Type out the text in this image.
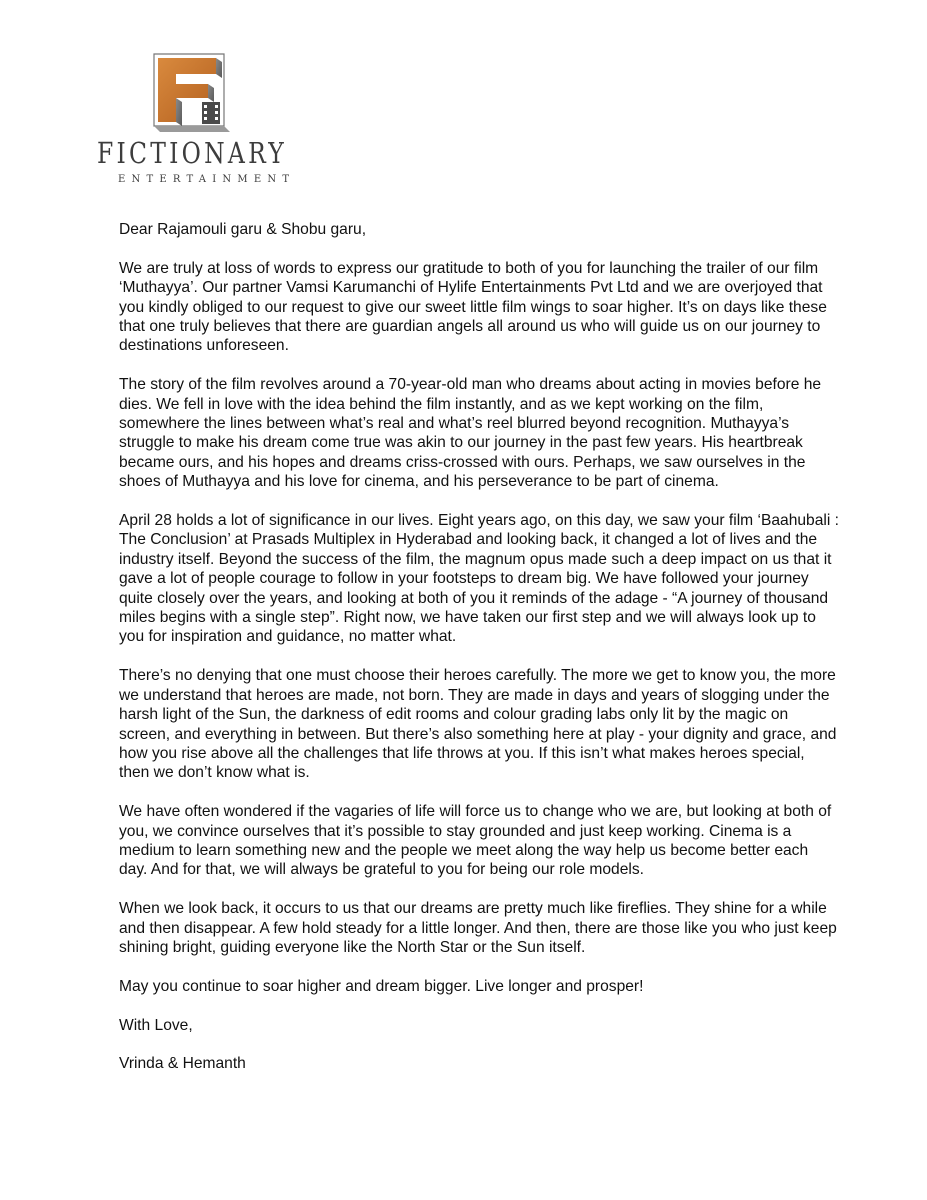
FICTIONARY
ENTERTAINMENT

Dear Rajamouli garu & Shobu garu,

We are truly at loss of words to express our gratitude to both of you for launching the trailer of our film ‘Muthayya’. Our partner Vamsi Karumanchi of Hylife Entertainments Pvt Ltd and we are overjoyed that you kindly obliged to our request to give our sweet little film wings to soar higher. It’s on days like these that one truly believes that there are guardian angels all around us who will guide us on our journey to destinations unforeseen.

The story of the film revolves around a 70-year-old man who dreams about acting in movies before he dies. We fell in love with the idea behind the film instantly, and as we kept working on the film, somewhere the lines between what’s real and what’s reel blurred beyond recognition. Muthayya’s struggle to make his dream come true was akin to our journey in the past few years. His heartbreak became ours, and his hopes and dreams criss-crossed with ours. Perhaps, we saw ourselves in the shoes of Muthayya and his love for cinema, and his perseverance to be part of cinema.

April 28 holds a lot of significance in our lives. Eight years ago, on this day, we saw your film ‘Baahubali : The Conclusion’ at Prasads Multiplex in Hyderabad and looking back, it changed a lot of lives and the industry itself. Beyond the success of the film, the magnum opus made such a deep impact on us that it gave a lot of people courage to follow in your footsteps to dream big. We have followed your journey quite closely over the years, and looking at both of you it reminds of the adage - “A journey of thousand miles begins with a single step”. Right now, we have taken our first step and we will always look up to you for inspiration and guidance, no matter what.

There’s no denying that one must choose their heroes carefully. The more we get to know you, the more we understand that heroes are made, not born. They are made in days and years of slogging under the harsh light of the Sun, the darkness of edit rooms and colour grading labs only lit by the magic on screen, and everything in between. But there’s also something here at play - your dignity and grace, and how you rise above all the challenges that life throws at you. If this isn’t what makes heroes special, then we don’t know what is.

We have often wondered if the vagaries of life will force us to change who we are, but looking at both of you, we convince ourselves that it’s possible to stay grounded and just keep working. Cinema is a medium to learn something new and the people we meet along the way help us become better each day. And for that, we will always be grateful to you for being our role models.

When we look back, it occurs to us that our dreams are pretty much like fireflies. They shine for a while and then disappear. A few hold steady for a little longer. And then, there are those like you who just keep shining bright, guiding everyone like the North Star or the Sun itself.

May you continue to soar higher and dream bigger. Live longer and prosper!

With Love,

Vrinda & Hemanth
